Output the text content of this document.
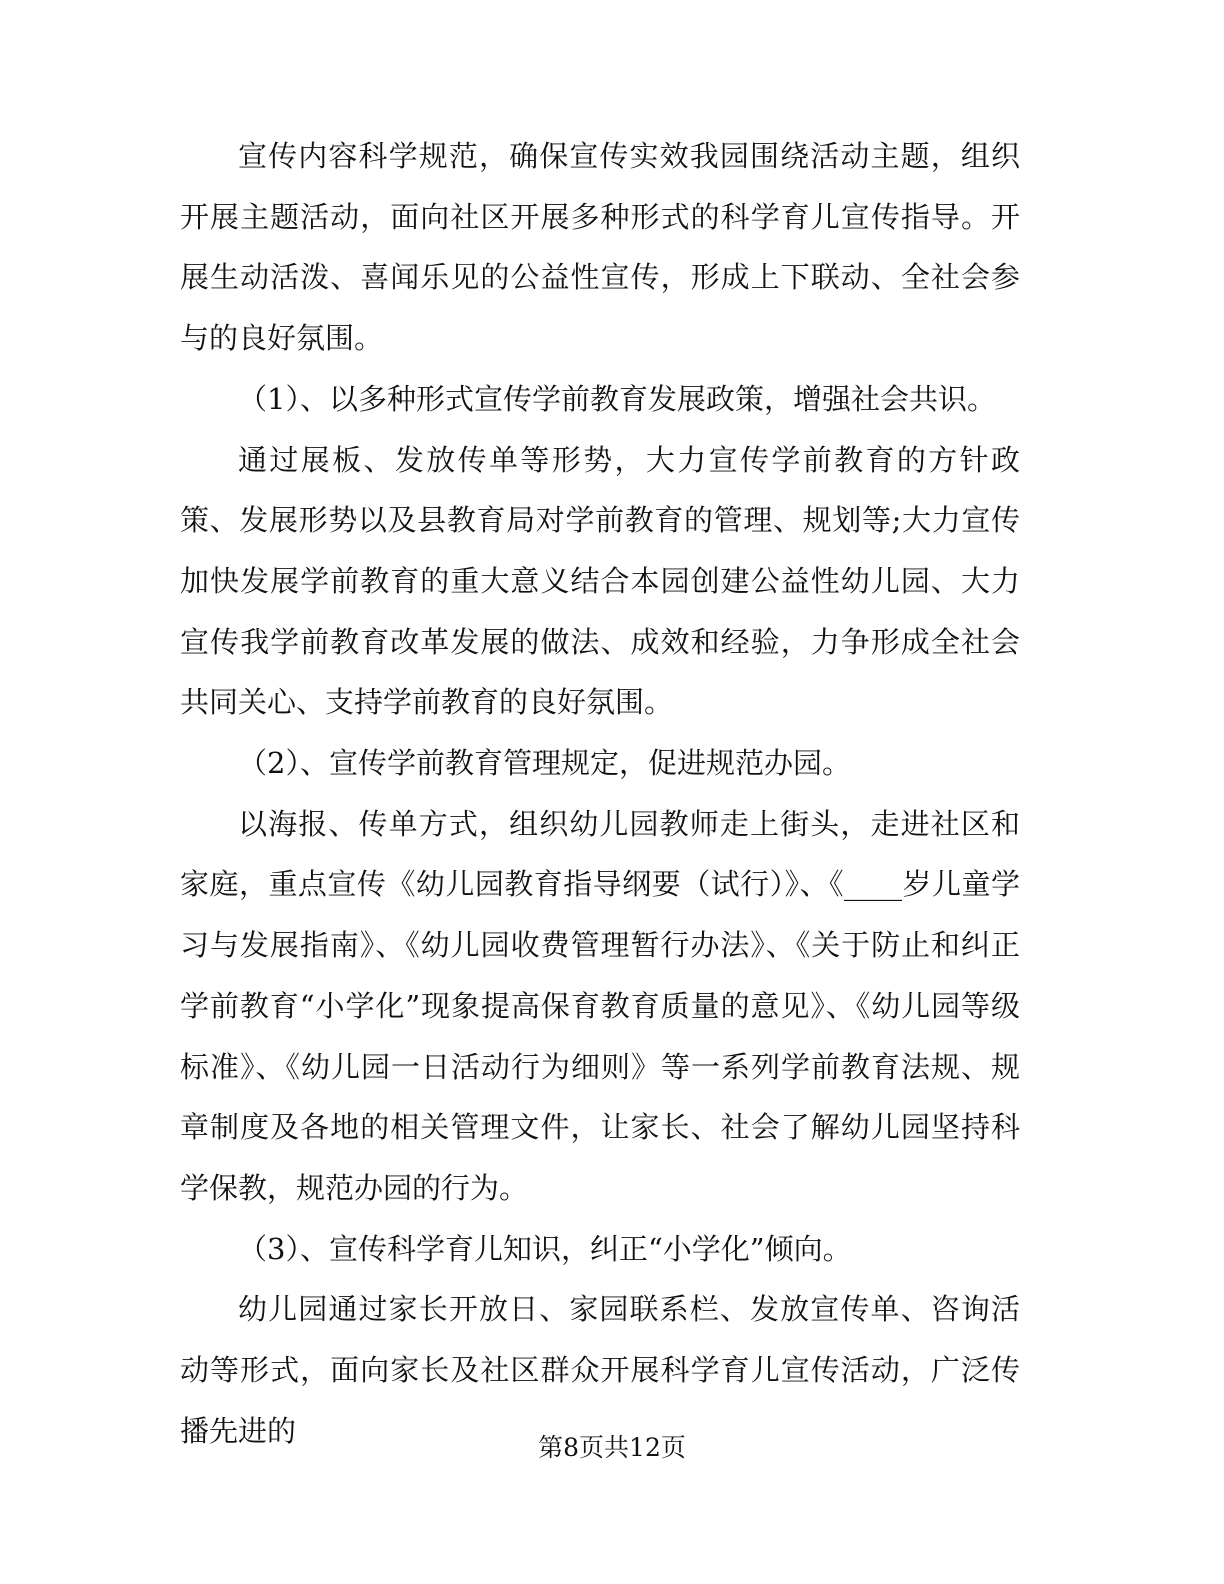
宣传内容科学规范，确保宣传实效我园围绕活动主题，组织开展主题活动，面向社区开展多种形式的科学育儿宣传指导。开展生动活泼、喜闻乐见的公益性宣传，形成上下联动、全社会参与的良好氛围。

（1）、以多种形式宣传学前教育发展政策，增强社会共识。

通过展板、发放传单等形势，大力宣传学前教育的方针政策、发展形势以及县教育局对学前教育的管理、规划等;大力宣传加快发展学前教育的重大意义结合本园创建公益性幼儿园、大力宣传我学前教育改革发展的做法、成效和经验，力争形成全社会共同关心、支持学前教育的良好氛围。

（2）、宣传学前教育管理规定，促进规范办园。

以海报、传单方式，组织幼儿园教师走上街头，走进社区和家庭，重点宣传《幼儿园教育指导纲要（试行）》、《____岁儿童学习与发展指南》、《幼儿园收费管理暂行办法》、《关于防止和纠正学前教育“小学化”现象提高保育教育质量的意见》、《幼儿园等级标准》、《幼儿园一日活动行为细则》等一系列学前教育法规、规章制度及各地的相关管理文件，让家长、社会了解幼儿园坚持科学保教，规范办园的行为。

（3）、宣传科学育儿知识，纠正“小学化”倾向。

幼儿园通过家长开放日、家园联系栏、发放宣传单、咨询活动等形式，面向家长及社区群众开展科学育儿宣传活动，广泛传播先进的	第8页共12页
